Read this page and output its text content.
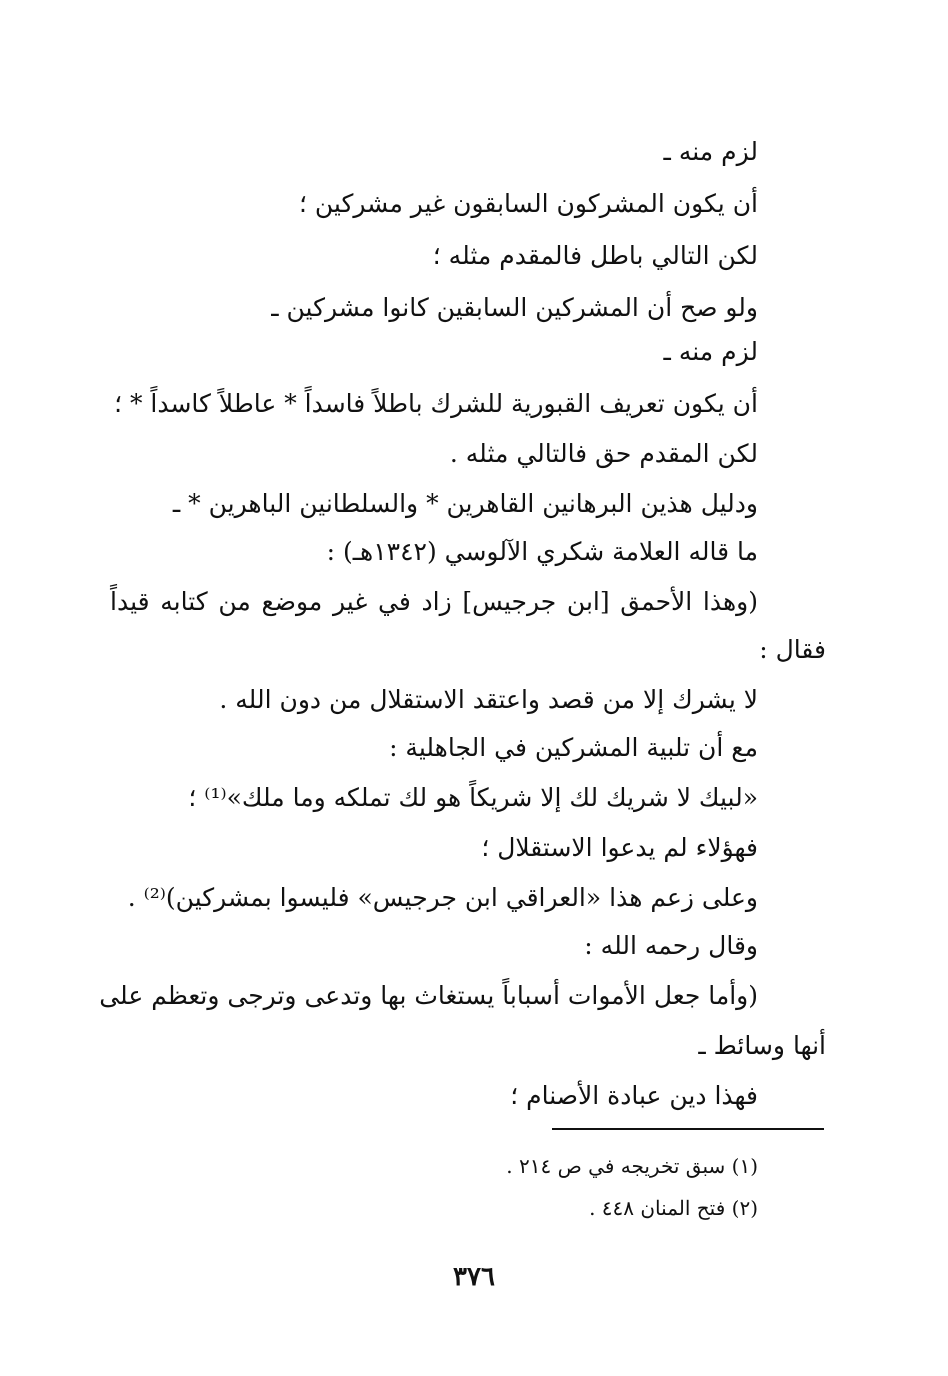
لزم منه ـ
أن يكون المشركون السابقون غير مشركين ؛
لكن التالي باطل فالمقدم مثله ؛
ولو صح أن المشركين السابقين كانوا مشركين ـ
لزم منه ـ
أن يكون تعريف القبورية للشرك باطلاً فاسداً * عاطلاً كاسداً * ؛
لكن المقدم حق فالتالي مثله .
ودليل هذين البرهانين القاهرين * والسلطانين الباهرين * ـ
ما قاله العلامة شكري الآلوسي (١٣٤٢هـ) :
(وهذا الأحمق [ابن جرجيس] زاد في غير موضع من كتابه قيداً
فقال :
لا يشرك إلا من قصد واعتقد الاستقلال من دون الله .
مع أن تلبية المشركين في الجاهلية :
«لبيك لا شريك لك إلا شريكاً هو لك تملكه وما ملك»⁽¹⁾ ؛
فهؤلاء لم يدعوا الاستقلال ؛
وعلى زعم هذا «العراقي ابن جرجيس» فليسوا بمشركين)⁽²⁾ .
وقال رحمه الله :
(وأما جعل الأموات أسباباً يستغاث بها وتدعى وترجى وتعظم على
أنها وسائط ـ
فهذا دين عبادة الأصنام ؛
(١) سبق تخريجه في ص ٢١٤ .
(٢) فتح المنان ٤٤٨ .
٣٧٦
